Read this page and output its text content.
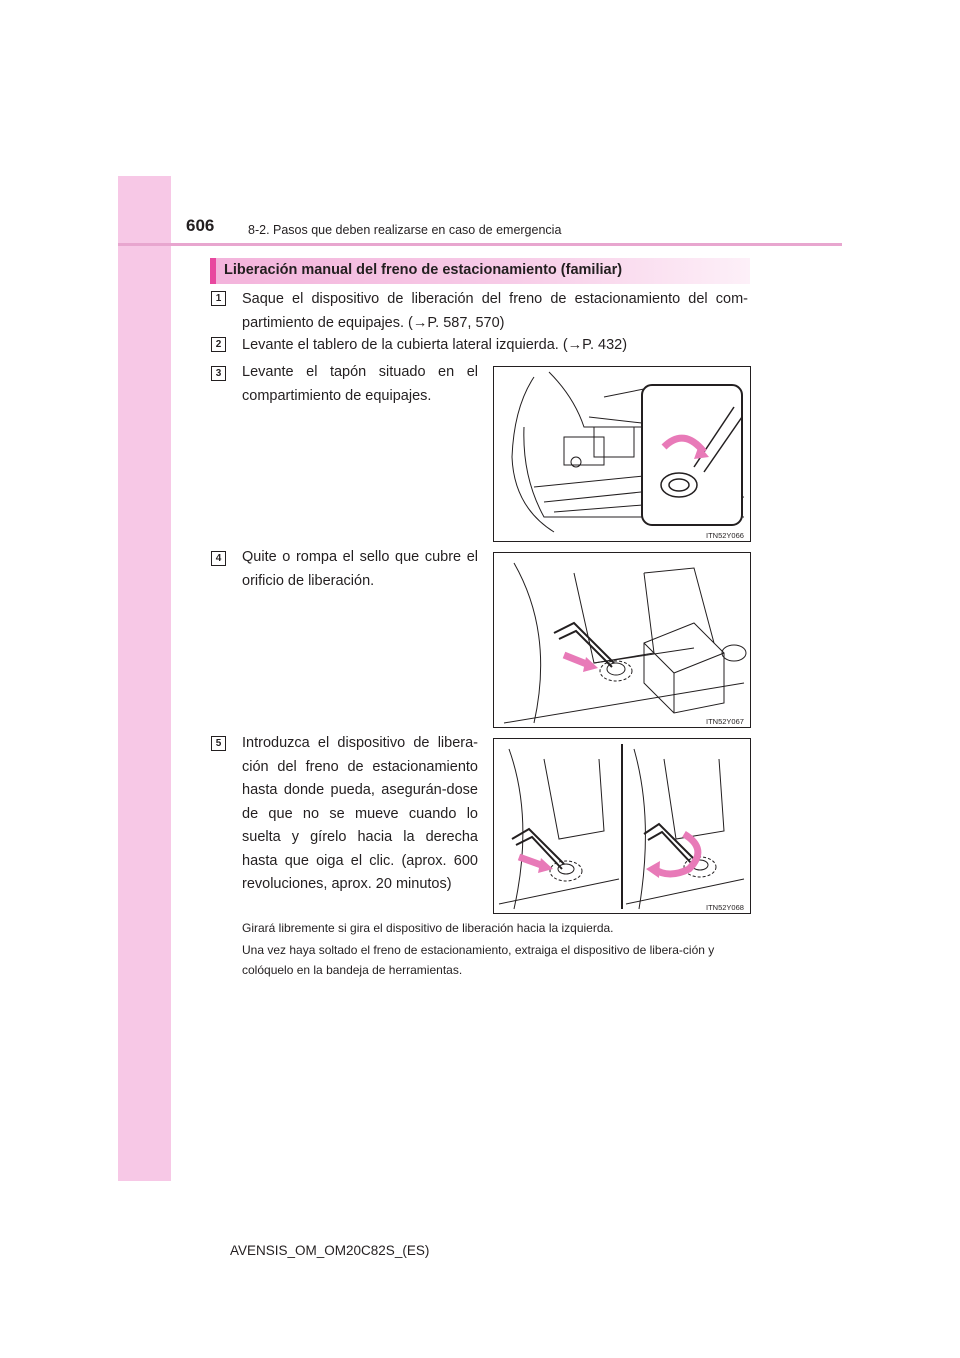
606	8-2. Pasos que deben realizarse en caso de emergencia
Liberación manual del freno de estacionamiento (familiar)
1	Saque el dispositivo de liberación del freno de estacionamiento del com-partimiento de equipajes. (→P. 587, 570)
2	Levante el tablero de la cubierta lateral izquierda. (→P. 432)
3	Levante el tapón situado en el compartimiento de equipajes.
ITN52Y066
4	Quite o rompa el sello que cubre el orificio de liberación.
ITN52Y067
5	Introduzca el dispositivo de libera-ción del freno de estacionamiento hasta donde pueda, asegurán-dose de que no se mueve cuando lo suelta y gírelo hacia la derecha hasta que oiga el clic. (aprox. 600 revoluciones, aprox. 20 minutos)
ITN52Y068
Girará libremente si gira el dispositivo de liberación hacia la izquierda.
Una vez haya soltado el freno de estacionamiento, extraiga el dispositivo de libera-ción y colóquelo en la bandeja de herramientas.
AVENSIS_OM_OM20C82S_(ES)
